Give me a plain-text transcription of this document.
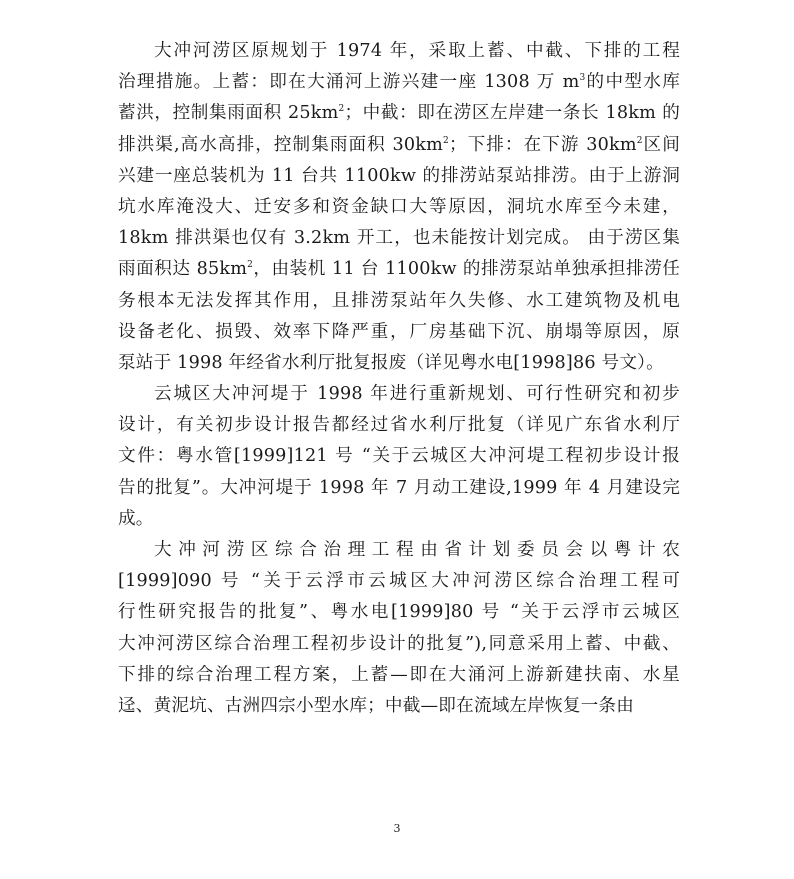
大冲河涝区原规划于 1974 年，采取上蓄、中截、下排的工程
治理措施。上蓄：即在大涌河上游兴建一座 1308 万 $m^3$的中型水库
蓄洪，控制集雨面积 $25km^2$；中截：即在涝区左岸建一条长 18km 的
排洪渠,高水高排，控制集雨面积 $30km^2$；下排：在下游 $30km^2$区间
兴建一座总装机为 11 台共 1100kw 的排涝站泵站排涝。由于上游洞
坑水库淹没大、迁安多和资金缺口大等原因，洞坑水库至今未建，
18km 排洪渠也仅有 3.2km 开工，也未能按计划完成。 由于涝区集
雨面积达 $85km^2$，由装机 11 台 1100kw 的排涝泵站单独承担排涝任
务根本无法发挥其作用，且排涝泵站年久失修、水工建筑物及机电
设备老化、损毁、效率下降严重，厂房基础下沉、崩塌等原因，原
泵站于 1998 年经省水利厅批复报废（详见粤水电[1998]86 号文）。
云城区大冲河堤于 1998 年进行重新规划、可行性研究和初步
设计，有关初步设计报告都经过省水利厅批复（详见广东省水利厅
文件：粤水管[1999]121 号 “关于云城区大冲河堤工程初步设计报
告的批复”。大冲河堤于 1998 年 7 月动工建设,1999 年 4 月建设完
成。
大冲河涝区综合治理工程由省计划委员会以粤计农
[1999]090 号 “关于云浮市云城区大冲河涝区综合治理工程可
行性研究报告的批复”、粤水电[1999]80 号 “关于云浮市云城区
大冲河涝区综合治理工程初步设计的批复”),同意采用上蓄、中截、
下排的综合治理工程方案，上蓄—即在大涌河上游新建扶南、水星
迳、黄泥坑、古洲四宗小型水库；中截—即在流域左岸恢复一条由
3
